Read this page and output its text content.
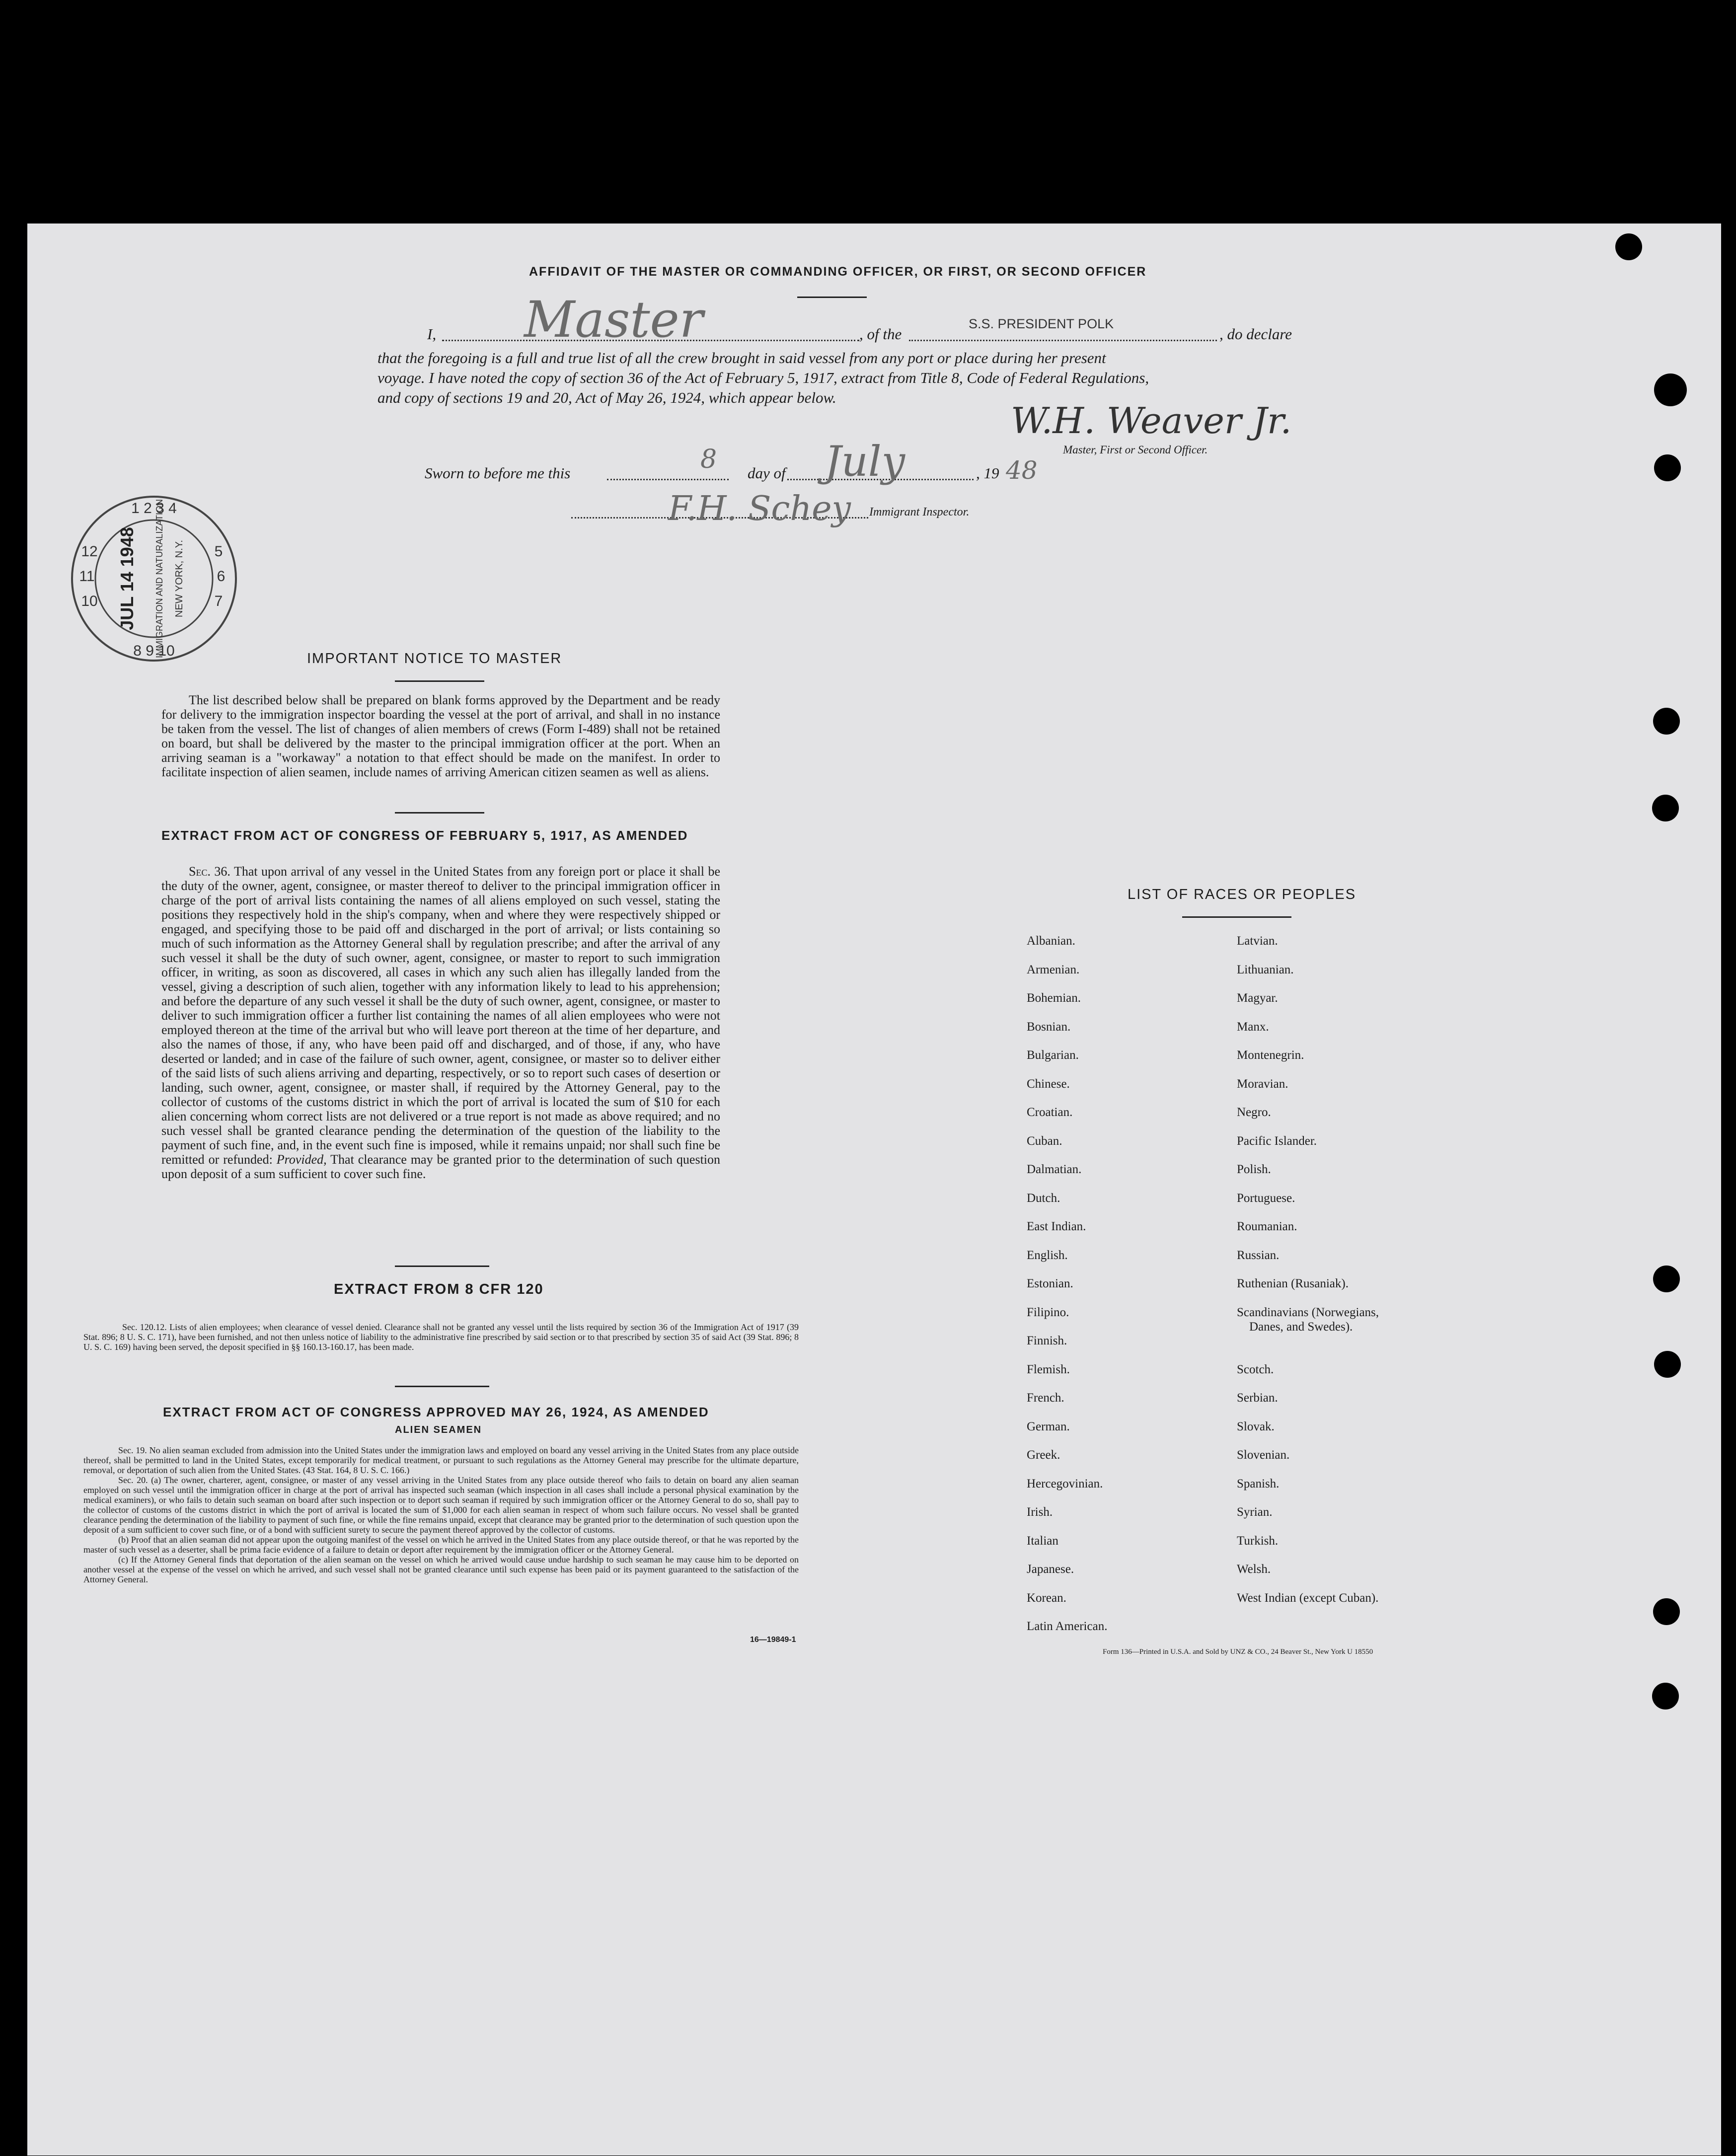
AFFIDAVIT OF THE MASTER OR COMMANDING OFFICER, OR FIRST, OR SECOND OFFICER
I, Master	, of the
S.S. PRESIDENT POLK
, do declare
that the foregoing is a full and true list of all the crew brought in said vessel from any port or place during her present
voyage. I have noted the copy of section 36 of the Act of February 5, 1917, extract from Title 8, Code of Federal Regulations,
and copy of sections 19 and 20, Act of May 26, 1924, which appear below.
W.H. Weaver Jr.
Master, First or Second Officer.
Sworn to before me this	8 day of July	, 19 48
F.H. Schey Immigrant Inspector.
1 2 3 4
5
6
7
8 9 10
12
11
10 JUL 14 1948 IMMIGRATION AND NATURALIZATION NEW YORK, N.Y.
IMPORTANT NOTICE TO MASTER
The list described below shall be prepared on blank forms approved by the Department and be ready for delivery to the immigration inspector boarding the vessel at the port of arrival, and shall in no instance be taken from the vessel. The list of changes of alien members of crews (Form I-489) shall not be retained on board, but shall be delivered by the master to the principal immigration officer at the port. When an arriving seaman is a "workaway" a notation to that effect should be made on the manifest. In order to facilitate inspection of alien seamen, include names of arriving American citizen seamen as well as aliens.
EXTRACT FROM ACT OF CONGRESS OF FEBRUARY 5, 1917, AS AMENDED
Sec. 36. That upon arrival of any vessel in the United States from any foreign port or place it shall be the duty of the owner, agent, consignee, or master thereof to deliver to the principal immigration officer in charge of the port of arrival lists containing the names of all aliens employed on such vessel, stating the positions they respectively hold in the ship's company, when and where they were respectively shipped or engaged, and specifying those to be paid off and discharged in the port of arrival; or lists containing so much of such information as the Attorney General shall by regulation prescribe; and after the arrival of any such vessel it shall be the duty of such owner, agent, consignee, or master to report to such immigration officer, in writing, as soon as discovered, all cases in which any such alien has illegally landed from the vessel, giving a description of such alien, together with any information likely to lead to his apprehension; and before the departure of any such vessel it shall be the duty of such owner, agent, consignee, or master to deliver to such immigration officer a further list containing the names of all alien employees who were not employed thereon at the time of the arrival but who will leave port thereon at the time of her departure, and also the names of those, if any, who have been paid off and discharged, and of those, if any, who have deserted or landed; and in case of the failure of such owner, agent, consignee, or master so to deliver either of the said lists of such aliens arriving and departing, respectively, or so to report such cases of desertion or landing, such owner, agent, consignee, or master shall, if required by the Attorney General, pay to the collector of customs of the customs district in which the port of arrival is located the sum of $10 for each alien concerning whom correct lists are not delivered or a true report is not made as above required; and no such vessel shall be granted clearance pending the determination of the question of the liability to the payment of such fine, and, in the event such fine is imposed, while it remains unpaid; nor shall such fine be remitted or refunded: Provided, That clearance may be granted prior to the determination of such question upon deposit of a sum sufficient to cover such fine.
EXTRACT FROM 8 CFR 120
Sec. 120.12. Lists of alien employees; when clearance of vessel denied. Clearance shall not be granted any vessel until the lists required by section 36 of the Immigration Act of 1917 (39 Stat. 896; 8 U. S. C. 171), have been furnished, and not then unless notice of liability to the administrative fine prescribed by said section or to that prescribed by section 35 of said Act (39 Stat. 896; 8 U. S. C. 169) having been served, the deposit specified in §§ 160.13-160.17, has been made.
EXTRACT FROM ACT OF CONGRESS APPROVED MAY 26, 1924, AS AMENDED
ALIEN SEAMEN
Sec. 19. No alien seaman excluded from admission into the United States under the immigration laws and employed on board any vessel arriving in the United States from any place outside thereof, shall be permitted to land in the United States, except temporarily for medical treatment, or pursuant to such regulations as the Attorney General may prescribe for the ultimate departure, removal, or deportation of such alien from the United States. (43 Stat. 164, 8 U. S. C. 166.)
Sec. 20. (a) The owner, charterer, agent, consignee, or master of any vessel arriving in the United States from any place outside thereof who fails to detain on board any alien seaman employed on such vessel until the immigration officer in charge at the port of arrival has inspected such seaman (which inspection in all cases shall include a personal physical examination by the medical examiners), or who fails to detain such seaman on board after such inspection or to deport such seaman if required by such immigration officer or the Attorney General to do so, shall pay to the collector of customs of the customs district in which the port of arrival is located the sum of $1,000 for each alien seaman in respect of whom such failure occurs. No vessel shall be granted clearance pending the determination of the liability to payment of such fine, or while the fine remains unpaid, except that clearance may be granted prior to the determination of such question upon the deposit of a sum sufficient to cover such fine, or of a bond with sufficient surety to secure the payment thereof approved by the collector of customs.
(b) Proof that an alien seaman did not appear upon the outgoing manifest of the vessel on which he arrived in the United States from any place outside thereof, or that he was reported by the master of such vessel as a deserter, shall be prima facie evidence of a failure to detain or deport after requirement by the immigration officer or the Attorney General.
(c) If the Attorney General finds that deportation of the alien seaman on the vessel on which he arrived would cause undue hardship to such seaman he may cause him to be deported on another vessel at the expense of the vessel on which he arrived, and such vessel shall not be granted clearance until such expense has been paid or its payment guaranteed to the satisfaction of the Attorney General.
16—19849-1
LIST OF RACES OR PEOPLES
Albanian.
Armenian.
Bohemian.
Bosnian.
Bulgarian.
Chinese.
Croatian.
Cuban.
Dalmatian.
Dutch.
East Indian.
English.
Estonian.
Filipino.
Finnish.
Flemish.
French.
German.
Greek.
Hercegovinian.
Irish.
Italian
Japanese.
Korean.
Latin American.
Latvian.
Lithuanian.
Magyar.
Manx.
Montenegrin.
Moravian.
Negro.
Pacific Islander.
Polish.
Portuguese.
Roumanian.
Russian.
Ruthenian (Rusaniak).
Scandinavians (Norwegians,
Danes, and Swedes).
Scotch.
Serbian.
Slovak.
Slovenian.
Spanish.
Syrian.
Turkish.
Welsh.
West Indian (except Cuban).
Form 136—Printed in U.S.A. and Sold by UNZ & CO., 24 Beaver St., New York U 18550
